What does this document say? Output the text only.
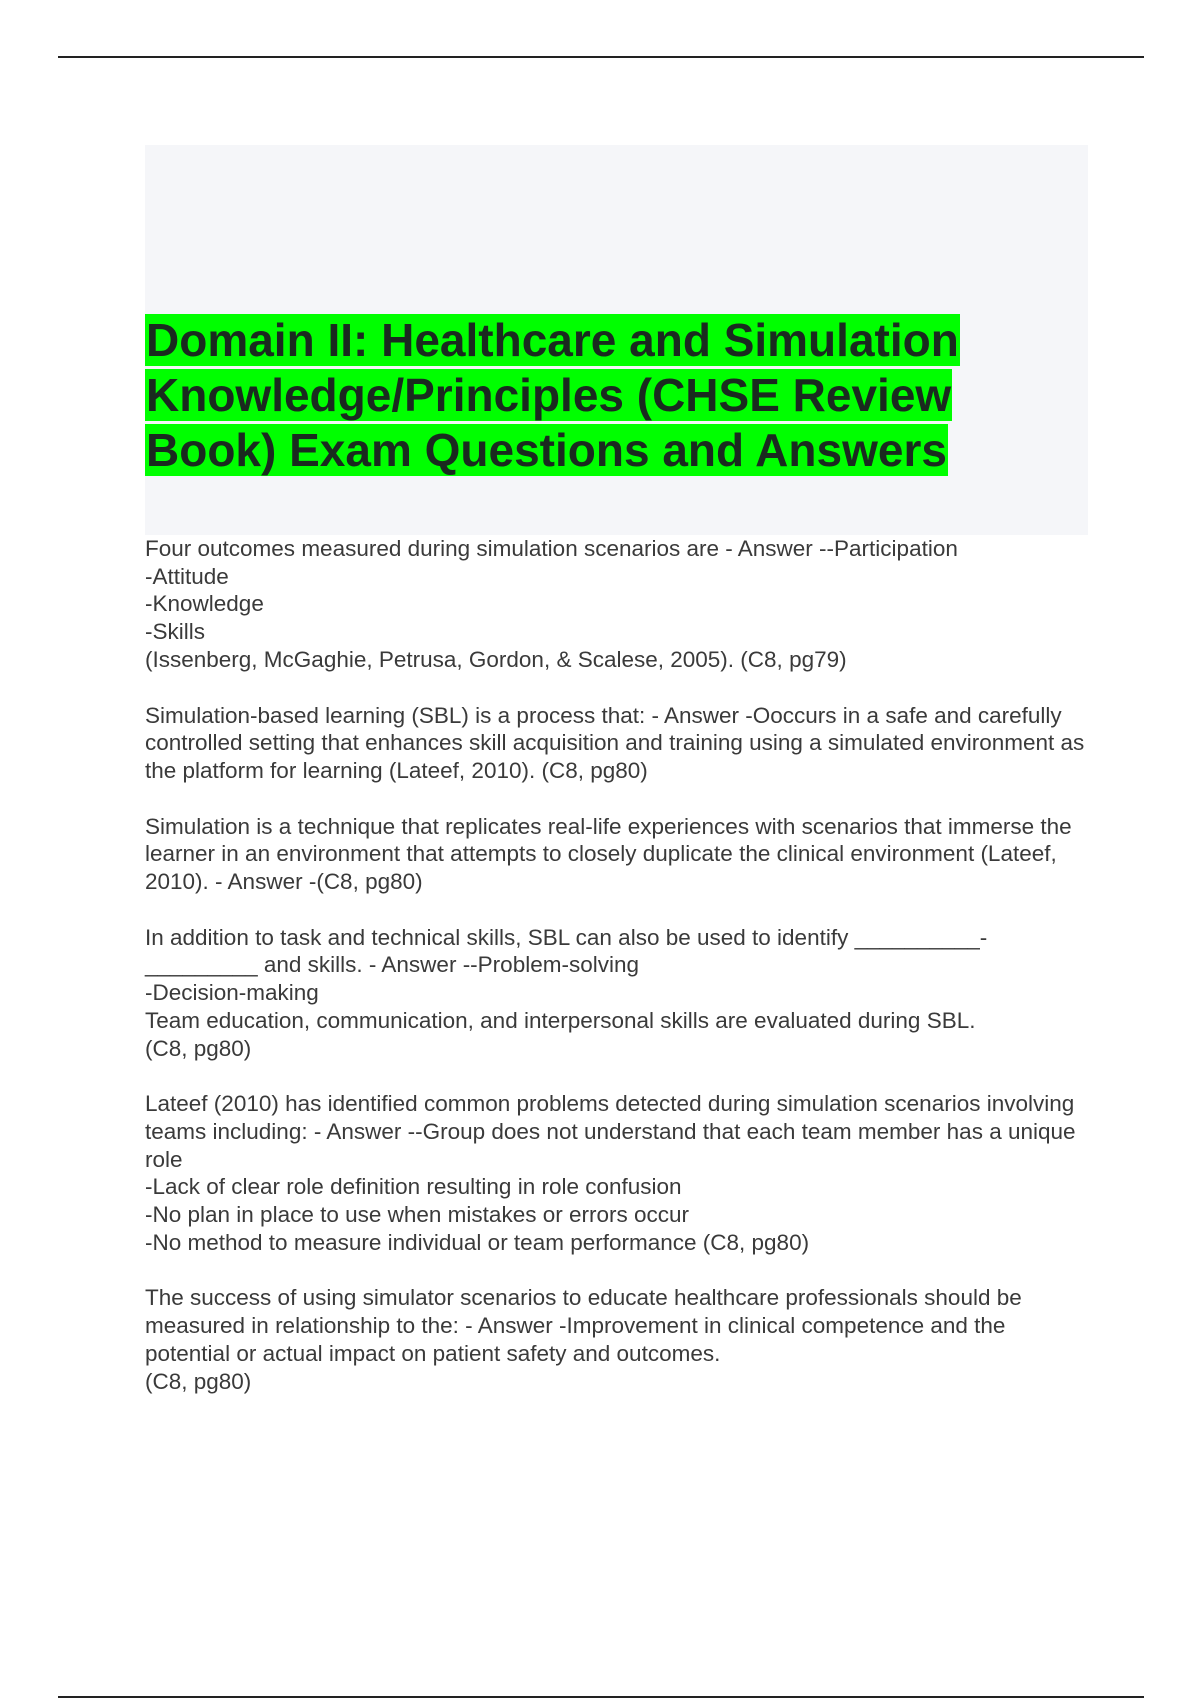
Domain II: Healthcare and Simulation
Knowledge/Principles (CHSE Review
Book) Exam Questions and Answers

Four outcomes measured during simulation scenarios are - Answer --Participation
-Attitude
-Knowledge
-Skills
(Issenberg, McGaghie, Petrusa, Gordon, & Scalese, 2005). (C8, pg79)

Simulation-based learning (SBL) is a process that: - Answer -Ooccurs in a safe and carefully controlled setting that enhances skill acquisition and training using a simulated environment as the platform for learning (Lateef, 2010). (C8, pg80)

Simulation is a technique that replicates real-life experiences with scenarios that immerse the learner in an environment that attempts to closely duplicate the clinical environment (Lateef, 2010). - Answer -(C8, pg80)

In addition to task and technical skills, SBL can also be used to identify __________-_________ and skills. - Answer --Problem-solving
-Decision-making
Team education, communication, and interpersonal skills are evaluated during SBL.
(C8, pg80)

Lateef (2010) has identified common problems detected during simulation scenarios involving teams including: - Answer --Group does not understand that each team member has a unique role
-Lack of clear role definition resulting in role confusion
-No plan in place to use when mistakes or errors occur
-No method to measure individual or team performance (C8, pg80)

The success of using simulator scenarios to educate healthcare professionals should be measured in relationship to the: - Answer -Improvement in clinical competence and the potential or actual impact on patient safety and outcomes.
(C8, pg80)
